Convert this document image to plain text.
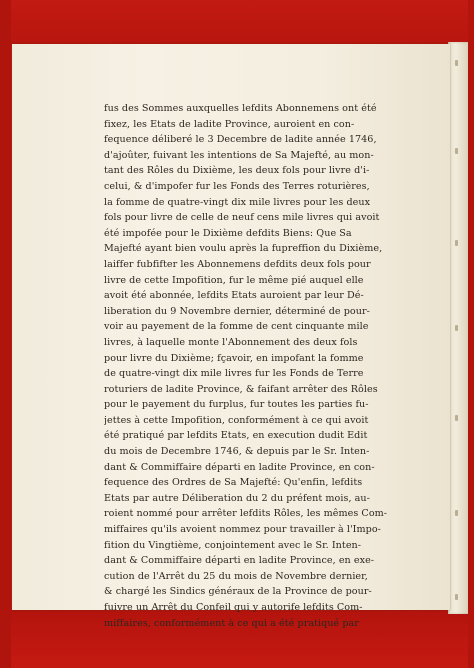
fus des Sommes auxquelles lefdits Abonnemens ont été
fixez, les Etats de ladite Province, auroient en con-
fequence déliberé le 3 Decembre de ladite année 1746,
d'ajoûter, fuivant les intentions de Sa Majefté, au mon-
tant des Rôles du Dixième, les deux fols pour livre d'i-
celui, & d'impofer fur les Fonds des Terres roturières,
la fomme de quatre-vingt dix mile livres pour les deux
fols pour livre de celle de neuf cens mile livres qui avoit
été impofée pour le Dixième defdits Biens: Que Sa
Majefté ayant bien voulu après la fupreffion du Dixième,
laiffer fubfifter les Abonnemens defdits deux fols pour
livre de cette Impofition, fur le même pié auquel elle
avoit été abonnée, lefdits Etats auroient par leur Dé-
liberation du 9 Novembre dernier, déterminé de pour-
voir au payement de la fomme de cent cinquante mile
livres, à laquelle monte l'Abonnement des deux fols
pour livre du Dixième; fçavoir, en impofant la fomme
de quatre-vingt dix mile livres fur les Fonds de Terre
roturiers de ladite Province, & faifant arrêter des Rôles
pour le payement du furplus, fur toutes les parties fu-
jettes à cette Impofition, conformément à ce qui avoit
été pratiqué par lefdits Etats, en execution dudit Edit
du mois de Decembre 1746, & depuis par le Sr. Inten-
dant & Commiffaire départi en ladite Province, en con-
fequence des Ordres de Sa Majefté: Qu'enfin, lefdits
Etats par autre Déliberation du 2 du préfent mois, au-
roient nommé pour arrêter lefdits Rôles, les mêmes Com-
miffaires qu'ils avoient nommez pour travailler à l'Impo-
fition du Vingtième, conjointement avec le Sr. Inten-
dant & Commiffaire départi en ladite Province, en exe-
cution de l'Arrêt du 25 du mois de Novembre dernier,
& chargé les Sindics généraux de la Province de pour-
fuivre un Arrêt du Confeil qui y autorife lefdits Com-
miffaires, conformément à ce qui a été pratiqué par
